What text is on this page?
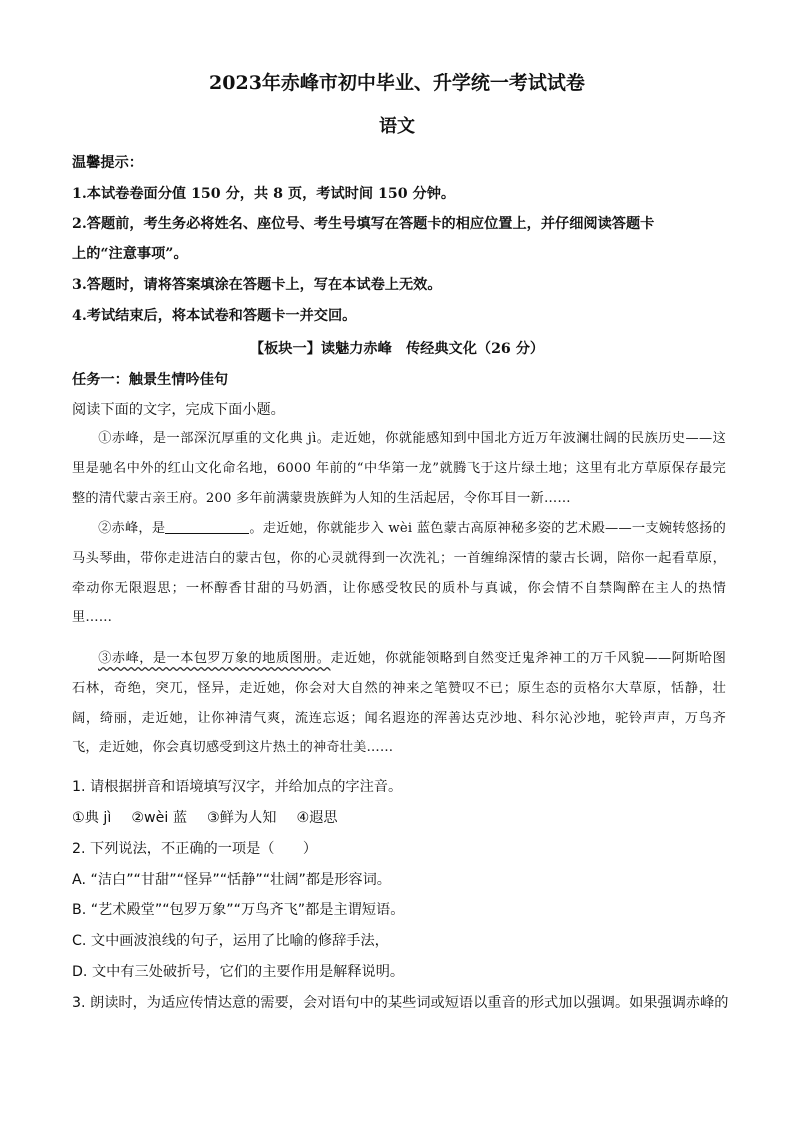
2023年赤峰市初中毕业、升学统一考试试卷
语文
温馨提示：
1.本试卷卷面分值 150 分，共 8 页，考试时间 150 分钟。
2.答题前，考生务必将姓名、座位号、考生号填写在答题卡的相应位置上，并仔细阅读答题卡
上的“注意事项”。
3.答题时，请将答案填涂在答题卡上，写在本试卷上无效。
4.考试结束后，将本试卷和答题卡一并交回。
【板块一】读魅力赤峰　传经典文化（26 分）
任务一：触景生情吟佳句
阅读下面的文字，完成下面小题。
①赤峰，是一部深沉厚重的文化典 jì。走近她，你就能感知到中国北方近万年波澜壮阔的民族历史——这里是驰名中外的红山文化命名地，6000 年前的“中华第一龙”就腾飞于这片绿土地；这里有北方草原保存最完整的清代蒙古亲王府。200 多年前满蒙贵族鲜为人知的生活起居，令你耳目一新……
②赤峰，是	。走近她，你就能步入 wèi 蓝色蒙古高原神秘多姿的艺术殿——一支婉转悠扬的马头琴曲，带你走进洁白的蒙古包，你的心灵就得到一次洗礼；一首缠绵深情的蒙古长调，陪你一起看草原，牵动你无限遐思；一杯醇香甘甜的马奶酒，让你感受牧民的质朴与真诚，你会情不自禁陶醉在主人的热情里……
③赤峰，是一本包罗万象的地质图册。走近她，你就能领略到自然变迁鬼斧神工的万千风貌——阿斯哈图石林，奇绝，突兀，怪异，走近她，你会对大自然的神来之笔赞叹不已；原生态的贡格尔大草原，恬静，壮阔，绮丽，走近她，让你神清气爽，流连忘返；闻名遐迩的浑善达克沙地、科尔沁沙地，驼铃声声，万鸟齐飞，走近她，你会真切感受到这片热土的神奇壮美……
1. 请根据拼音和语境填写汉字，并给加点的字注音。
①典 jì ②wèi 蓝 ③鲜为人知 ④遐思
2. 下列说法，不正确的一项是（　　）
A. “洁白”“甘甜”“怪异”“恬静”“壮阔”都是形容词。
B. “艺术殿堂”“包罗万象”“万鸟齐飞”都是主谓短语。
C. 文中画波浪线的句子，运用了比喻的修辞手法，
D. 文中有三处破折号，它们的主要作用是解释说明。
3. 朗读时，为适应传情达意的需要，会对语句中的某些词或短语以重音的形式加以强调。如果强调赤峰的
